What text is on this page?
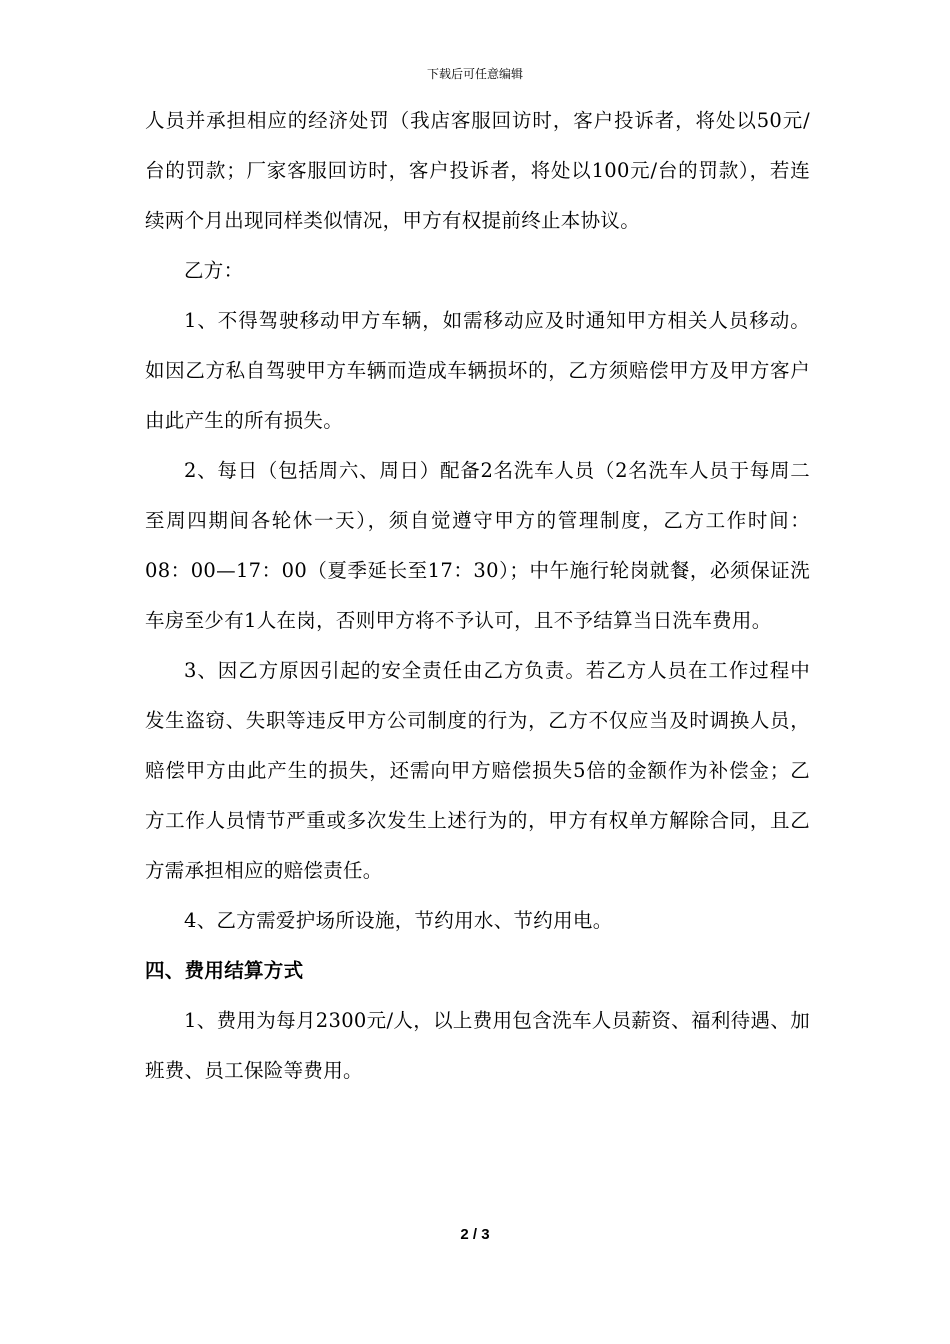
下载后可任意编辑

人员并承担相应的经济处罚（我店客服回访时，客户投诉者，将处以50元/台的罚款；厂家客服回访时，客户投诉者，将处以100元/台的罚款），若连续两个月出现同样类似情况，甲方有权提前终止本协议。

乙方：

1、不得驾驶移动甲方车辆，如需移动应及时通知甲方相关人员移动。如因乙方私自驾驶甲方车辆而造成车辆损坏的，乙方须赔偿甲方及甲方客户由此产生的所有损失。

2、每日（包括周六、周日）配备2名洗车人员（2名洗车人员于每周二至周四期间各轮休一天），须自觉遵守甲方的管理制度，乙方工作时间：08：00—17：00（夏季延长至17：30）；中午施行轮岗就餐，必须保证洗车房至少有1人在岗，否则甲方将不予认可，且不予结算当日洗车费用。

3、因乙方原因引起的安全责任由乙方负责。若乙方人员在工作过程中发生盗窃、失职等违反甲方公司制度的行为，乙方不仅应当及时调换人员，赔偿甲方由此产生的损失，还需向甲方赔偿损失5倍的金额作为补偿金；乙方工作人员情节严重或多次发生上述行为的，甲方有权单方解除合同，且乙方需承担相应的赔偿责任。

4、乙方需爱护场所设施，节约用水、节约用电。

四、费用结算方式

1、费用为每月2300元/人，以上费用包含洗车人员薪资、福利待遇、加班费、员工保险等费用。

2 / 3
